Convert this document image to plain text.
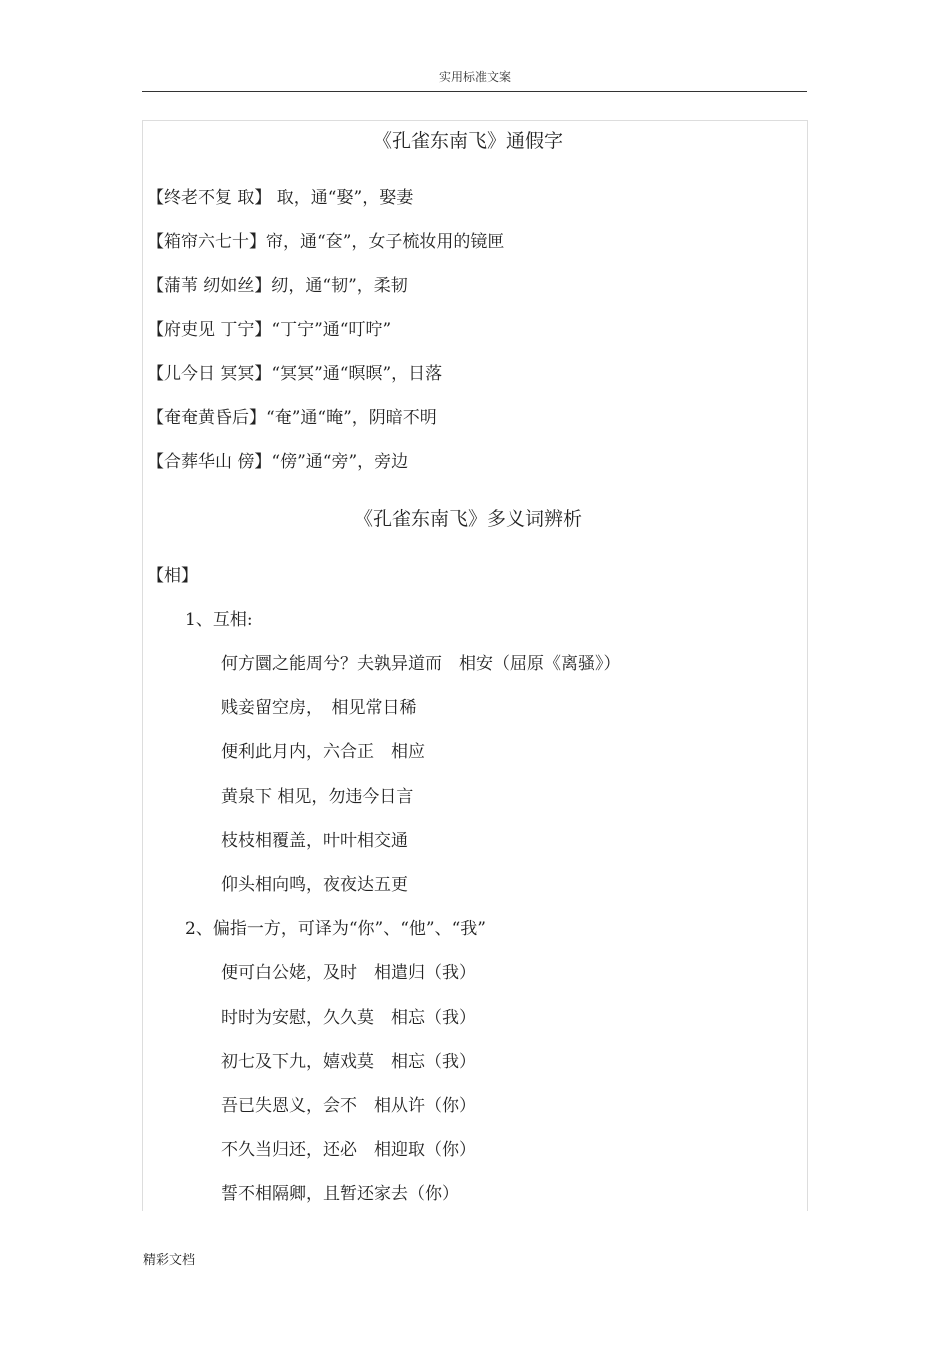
实用标准文案
《孔雀东南飞》通假字
【终老不复 取】 取，通“娶”，娶妻
【箱帘六七十】帘，通“奁”，女子梳妆用的镜匣
【蒲苇 纫如丝】纫，通“韧”，柔韧
【府吏见 丁宁】“丁宁”通“叮咛”
【儿今日 冥冥】“冥冥”通“暝暝”，日落
【奄奄黄昏后】“奄”通“晻”，阴暗不明
【合葬华山 傍】“傍”通“旁”，旁边
《孔雀东南飞》多义词辨析
【相】
1、互相:
何方圜之能周兮？夫孰异道而　相安（屈原《离骚》）
贱妾留空房，　相见常日稀
便利此月内，六合正　相应
黄泉下 相见，勿违今日言
枝枝相覆盖，叶叶相交通
仰头相向鸣，夜夜达五更
2、偏指一方，可译为“你”、“他”、“我”
便可白公姥，及时　相遣归（我）
时时为安慰，久久莫　相忘（我）
初七及下九，嬉戏莫　相忘（我）
吾已失恩义，会不　相从许（你）
不久当归还，还必　相迎取（你）
誓不相隔卿，且暂还家去（你）
精彩文档
